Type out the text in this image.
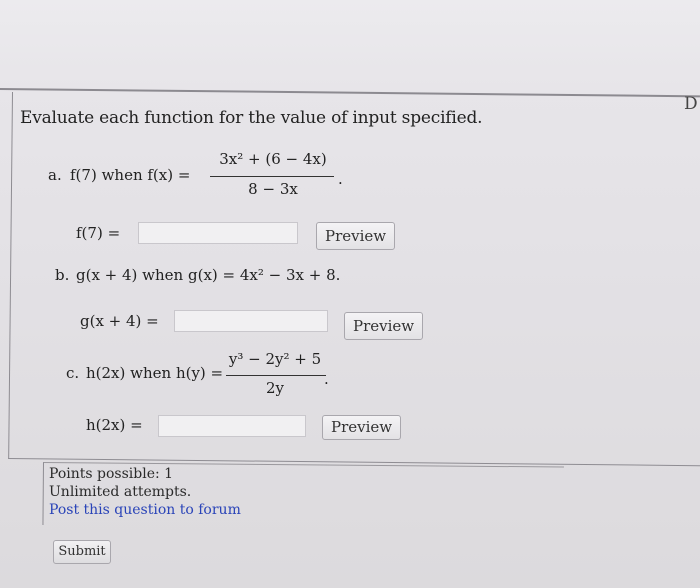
D
Evaluate each function for the value of input specified.
a. f(7) when f(x) =
3x² + (6 − 4x)
8 − 3x
.
f(7) =	Preview
b. g(x + 4) when g(x) = 4x² − 3x + 8.
g(x + 4) =	Preview
c. h(2x) when h(y) =
y³ − 2y² + 5
2y	.
h(2x) =	Preview
Points possible: 1
Unlimited attempts.
Post this question to forum
Submit
